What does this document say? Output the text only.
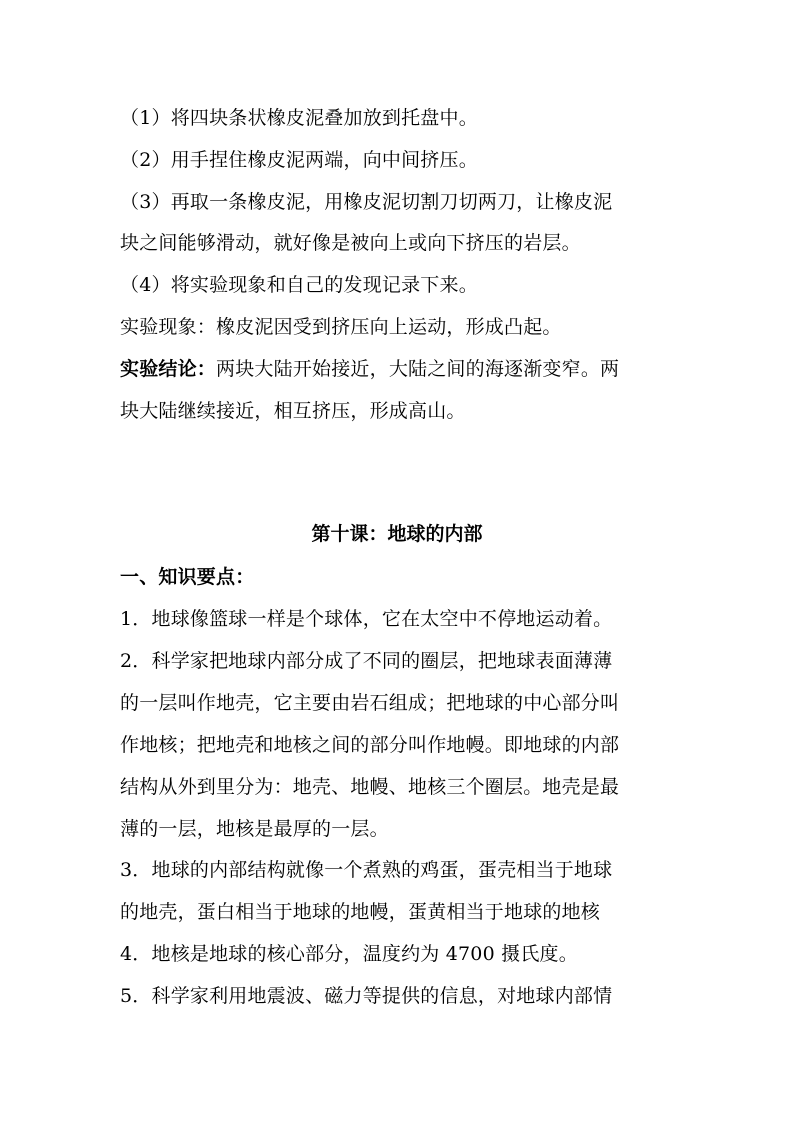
（1）将四块条状橡皮泥叠加放到托盘中。
（2）用手捏住橡皮泥两端，向中间挤压。
（3）再取一条橡皮泥，用橡皮泥切割刀切两刀，让橡皮泥
块之间能够滑动，就好像是被向上或向下挤压的岩层。
（4）将实验现象和自己的发现记录下来。
实验现象：橡皮泥因受到挤压向上运动，形成凸起。
实验结论：两块大陆开始接近，大陆之间的海逐渐变窄。两
块大陆继续接近，相互挤压，形成高山。
第十课：地球的内部
一、知识要点：
1．地球像篮球一样是个球体，它在太空中不停地运动着。
2．科学家把地球内部分成了不同的圈层，把地球表面薄薄
的一层叫作地壳，它主要由岩石组成；把地球的中心部分叫
作地核；把地壳和地核之间的部分叫作地幔。即地球的内部
结构从外到里分为：地壳、地幔、地核三个圈层。地壳是最
薄的一层，地核是最厚的一层。
3．地球的内部结构就像一个煮熟的鸡蛋，蛋壳相当于地球
的地壳，蛋白相当于地球的地幔，蛋黄相当于地球的地核
4．地核是地球的核心部分，温度约为 4700 摄氏度。
5．科学家利用地震波、磁力等提供的信息，对地球内部情
